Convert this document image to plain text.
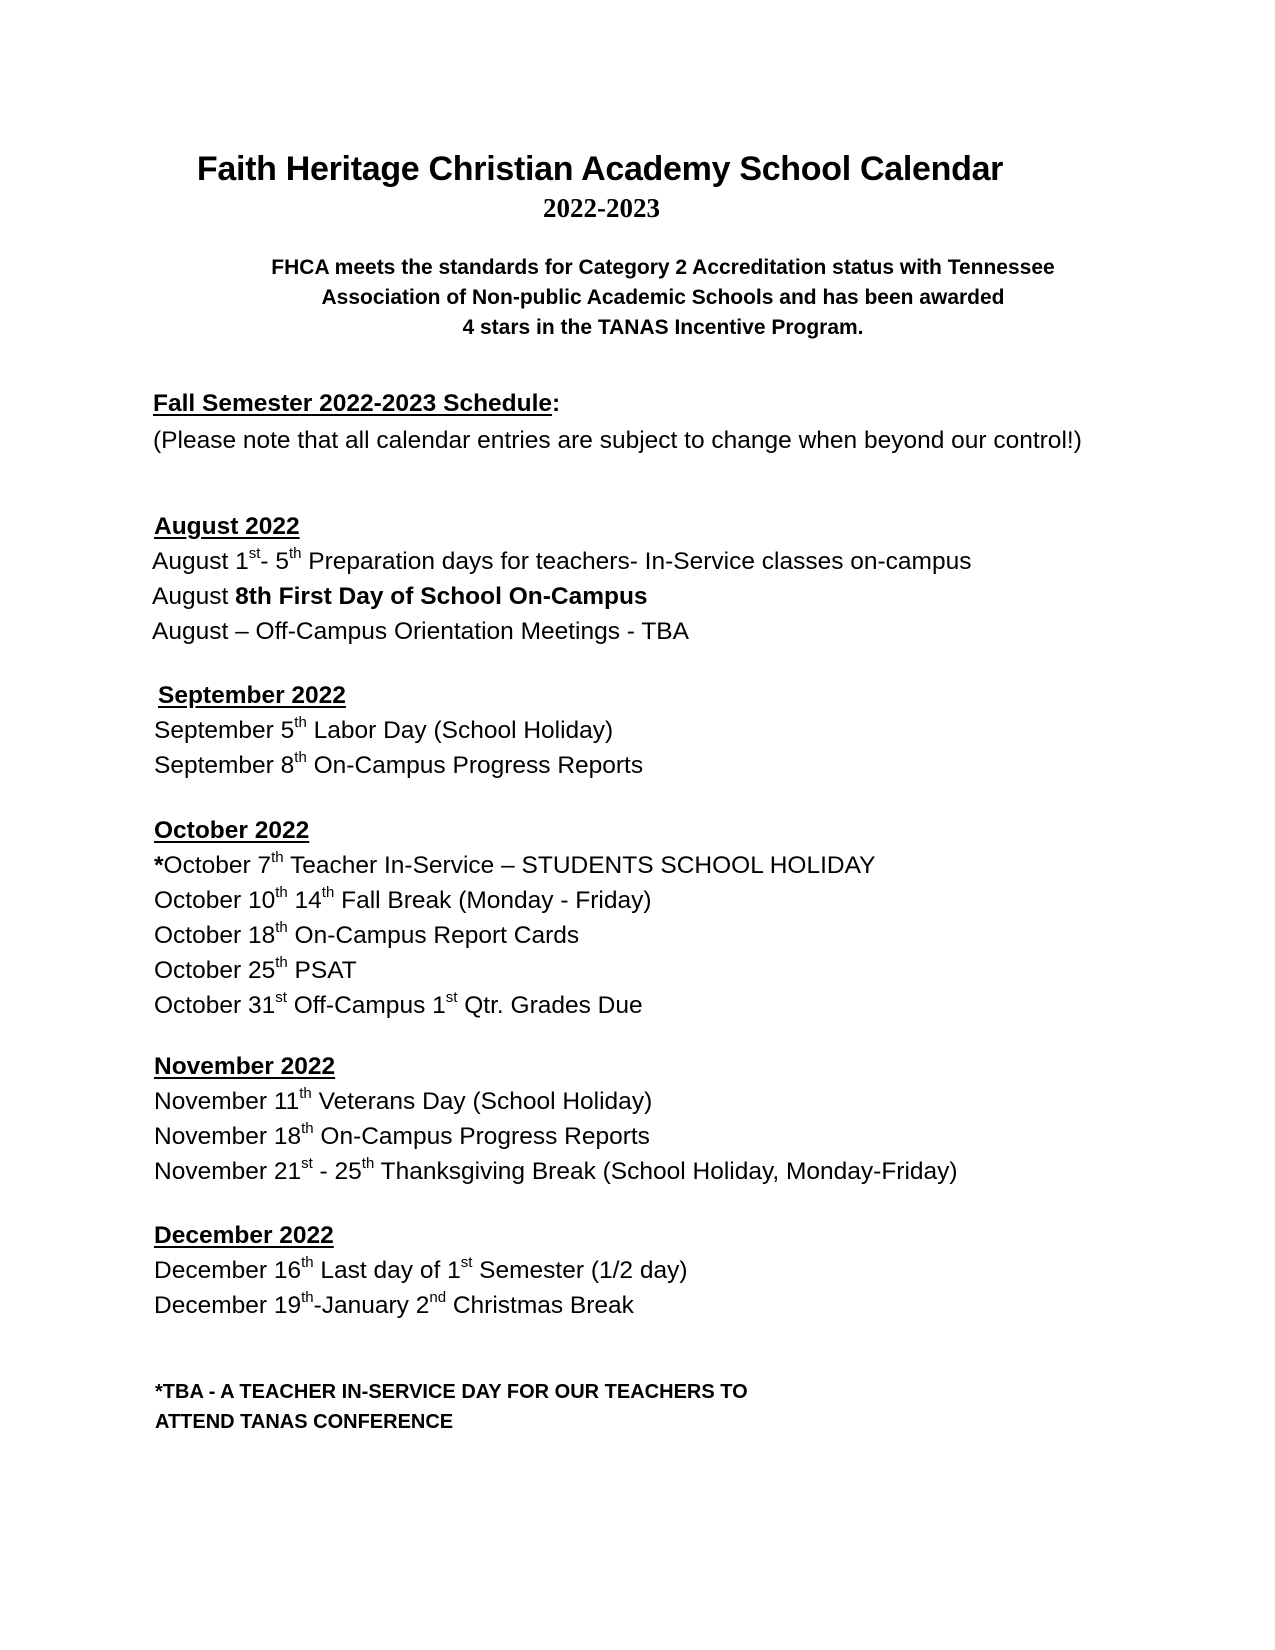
Faith Heritage Christian Academy School Calendar
2022-2023
FHCA meets the standards for Category 2 Accreditation status with Tennessee
Association of Non-public Academic Schools and has been awarded
4 stars in the TANAS Incentive Program.
Fall Semester 2022-2023 Schedule:
(Please note that all calendar entries are subject to change when beyond our control!)
August 2022
August 1st- 5th Preparation days for teachers- In-Service classes on-campus
August 8th First Day of School On-Campus
August – Off-Campus Orientation Meetings - TBA
September 2022
September 5th Labor Day (School Holiday)
September 8th On-Campus Progress Reports
October 2022
*October 7th Teacher In-Service – STUDENTS SCHOOL HOLIDAY
October 10th 14th Fall Break (Monday - Friday)
October 18th On-Campus Report Cards
October 25th PSAT
October 31st Off-Campus 1st Qtr. Grades Due
November 2022
November 11th Veterans Day (School Holiday)
November 18th On-Campus Progress Reports
November 21st - 25th Thanksgiving Break (School Holiday, Monday-Friday)
December 2022
December 16th Last day of 1st Semester (1/2 day)
December 19th-January 2nd Christmas Break
*TBA - A TEACHER IN-SERVICE DAY FOR OUR TEACHERS TO
ATTEND TANAS CONFERENCE
